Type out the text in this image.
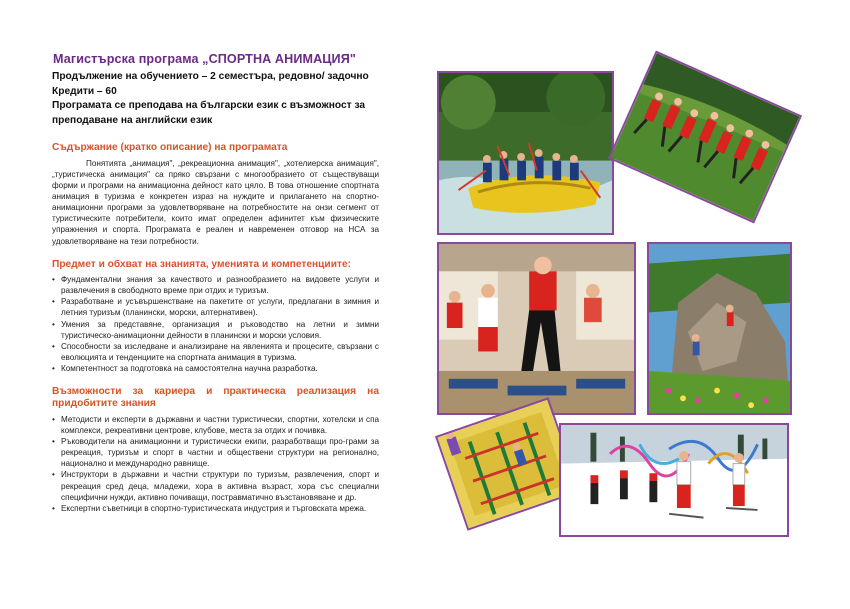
Магистърска програма „СПОРТНА АНИМАЦИЯ"
Продължение на обучението – 2 семестъра, редовно/ задочно
Кредити – 60
Програмата се преподава на български език с възможност за
преподаване на английски език
Съдържание (кратко описание) на програмата
Понятията „анимация", „рекреационна анимация", „хотелиерска анимация", „туристическа анимация" са пряко свързани с многообразието от съществуващи форми и програми на анимационна дейност като цяло. В това отношение спортната анимация в туризма е конкретен израз на нуждите и прилагането на спортно-анимационни програми за удовлетворяване на потребностите на онзи сегмент от туристическите потребители, които имат определен афинитет към физическите упражнения и спорта. Програмата е реален и навременен отговор на НСА за удовлетворяване на тези потребности.
Предмет и обхват на знанията, уменията и компетенциите:

• Фундаментални знания за качеството и разнообразието на видовете услуги и развлечения в свободното време при отдих и туризъм.

• Разработване и усъвършенстване на пакетите от услуги, предлагани в зимния и летния туризъм (планински, морски, алтернативен).

• Умения за представяне, организация и ръководство на летни и зимни туристическо-анимационни дейности в планински и морски условия.

• Способности за изследване и анализиране на явленията и процесите, свързани с еволюцията и тенденциите на спортната анимация в туризма.

• Компетентност за подготовка на самостоятелна научна разработка.

Възможности за кариера и практическа реализация на придобитите знания

• Методисти и експерти в държавни и частни туристически, спортни, хотелски и спа комплекси, рекреативни центрове, клубове, места за отдих и почивка.

• Ръководители на анимационни и туристически екипи, разработващи про-грами за рекреация, туризъм и спорт в частни и обществени структури на регионално, национално и международно равнище.

• Инструктори в държавни и частни структури по туризъм, развлечения, спорт и рекреация сред деца, младежи, хора в активна възраст, хора със специални специфични нужди, активно почиващи, постравматично възстановяване и др.

• Експертни съветници в спортно-туристическата индустрия и търговската мрежа.
